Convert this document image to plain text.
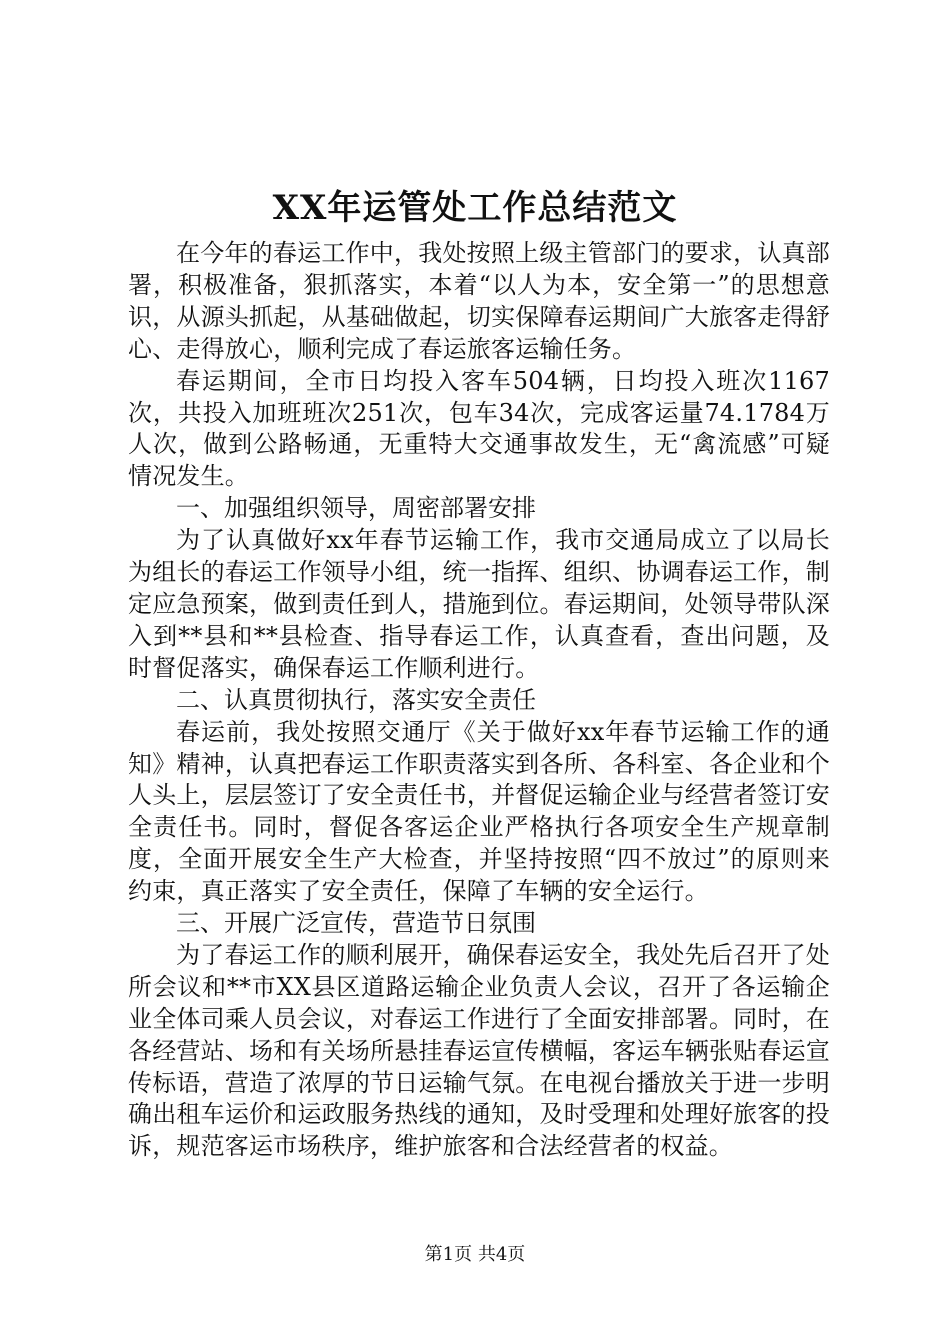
XX年运管处工作总结范文

在今年的春运工作中，我处按照上级主管部门的要求，认真部署，积极准备，狠抓落实，本着“以人为本，安全第一”的思想意识，从源头抓起，从基础做起，切实保障春运期间广大旅客走得舒心、走得放心，顺利完成了春运旅客运输任务。

春运期间，全市日均投入客车504辆，日均投入班次1167次，共投入加班班次251次，包车34次，完成客运量74.1784万人次，做到公路畅通，无重特大交通事故发生，无“禽流感”可疑情况发生。

一、加强组织领导，周密部署安排

为了认真做好xx年春节运输工作，我市交通局成立了以局长为组长的春运工作领导小组，统一指挥、组织、协调春运工作，制定应急预案，做到责任到人，措施到位。春运期间，处领导带队深入到**县和**县检查、指导春运工作，认真查看，查出问题，及时督促落实，确保春运工作顺利进行。

二、认真贯彻执行，落实安全责任

春运前，我处按照交通厅《关于做好xx年春节运输工作的通知》精神，认真把春运工作职责落实到各所、各科室、各企业和个人头上，层层签订了安全责任书，并督促运输企业与经营者签订安全责任书。同时，督促各客运企业严格执行各项安全生产规章制度，全面开展安全生产大检查，并坚持按照“四不放过”的原则来约束，真正落实了安全责任，保障了车辆的安全运行。

三、开展广泛宣传，营造节日氛围

为了春运工作的顺利展开，确保春运安全，我处先后召开了处所会议和**市XX县区道路运输企业负责人会议，召开了各运输企业全体司乘人员会议，对春运工作进行了全面安排部署。同时，在各经营站、场和有关场所悬挂春运宣传横幅，客运车辆张贴春运宣传标语，营造了浓厚的节日运输气氛。在电视台播放关于进一步明确出租车运价和运政服务热线的通知，及时受理和处理好旅客的投诉，规范客运市场秩序，维护旅客和合法经营者的权益。

第1页 共4页
